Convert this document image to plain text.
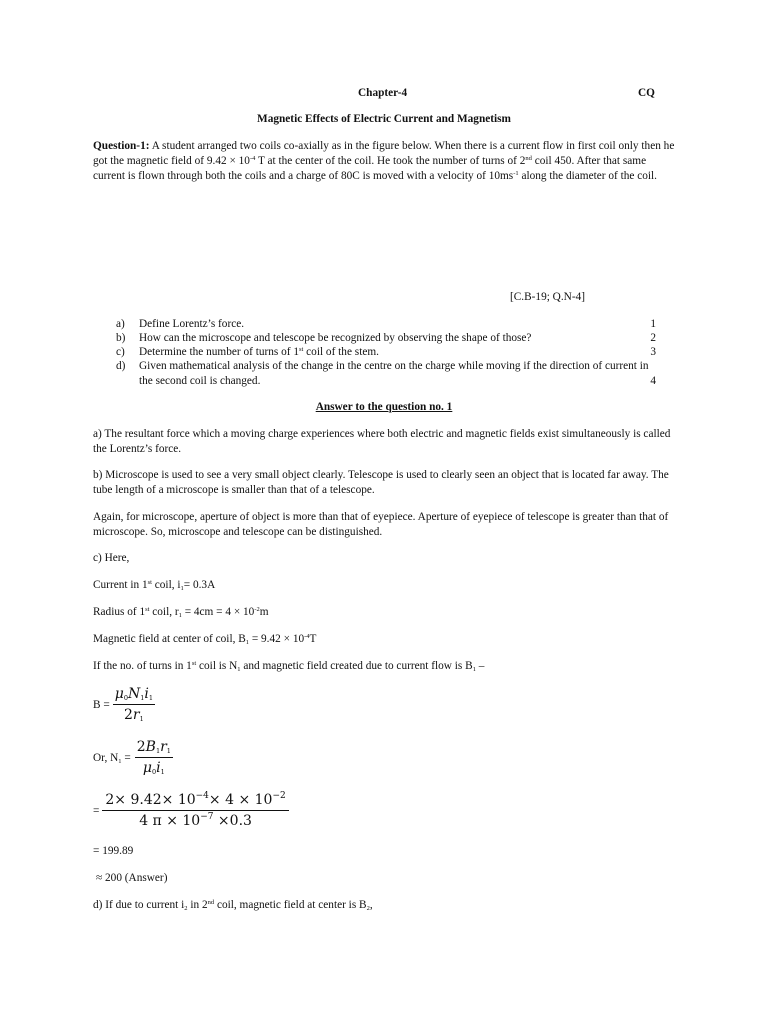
Chapter-4	CQ
Magnetic Effects of Electric Current and Magnetism
Question-1: A student arranged two coils co-axially as in the figure below. When there is a current flow in first coil only then he got the magnetic field of $9.42 \times 10^{-4}$ T at the center of the coil. He took the number of turns of 2nd coil 450. After that same current is flown through both the coils and a charge of 80C is moved with a velocity of $10ms^{-1}$ along the diameter of the coil.
[C.B-19; Q.N-4]
a) Define Lorentz’s force.	1
b) How can the microscope and telescope be recognized by observing the shape of those?	2
c) Determine the number of turns of 1st coil of the stem.	3
d)	Given mathematical analysis of the change in the centre on the charge while moving if the direction of current in the second coil is changed.	4
Answer to the question no. 1
a) The resultant force which a moving charge experiences where both electric and magnetic fields exist simultaneously is called the Lorentz’s force.
b) Microscope is used to see a very small object clearly. Telescope is used to clearly seen an object that is located far away. The tube length of a microscope is smaller than that of a telescope.
Again, for microscope, aperture of object is more than that of eyepiece. Aperture of eyepiece of telescope is greater than that of microscope. So, microscope and telescope can be distinguished.
c) Here,
Current in 1st coil, $i_1= 0.3A$
Radius of 1st coil, $r_1 = 4cm = 4 \times 10^{-2}m$
Magnetic field at center of coil, $B_1 = 9.42 \times 10^{-4}T$
If the no. of turns in 1st coil is $N_1$ and magnetic field created due to current flow is $B_1$ –
$B = \frac{\mu_0N_1i_1}{2r_1}$
Or, $N_1 = \frac{2B_1r_1}{\mu_0i_1}$
= $\frac{2\times 9.42\times 10^{-4}\times 4 \times 10^{-2}}{4 \pi \times 10^{-7} \times 0.3}$
= 199.89
≈ 200 (Answer)
d) If due to current $i_2$ in 2nd coil, magnetic field at center is $B_2$,
